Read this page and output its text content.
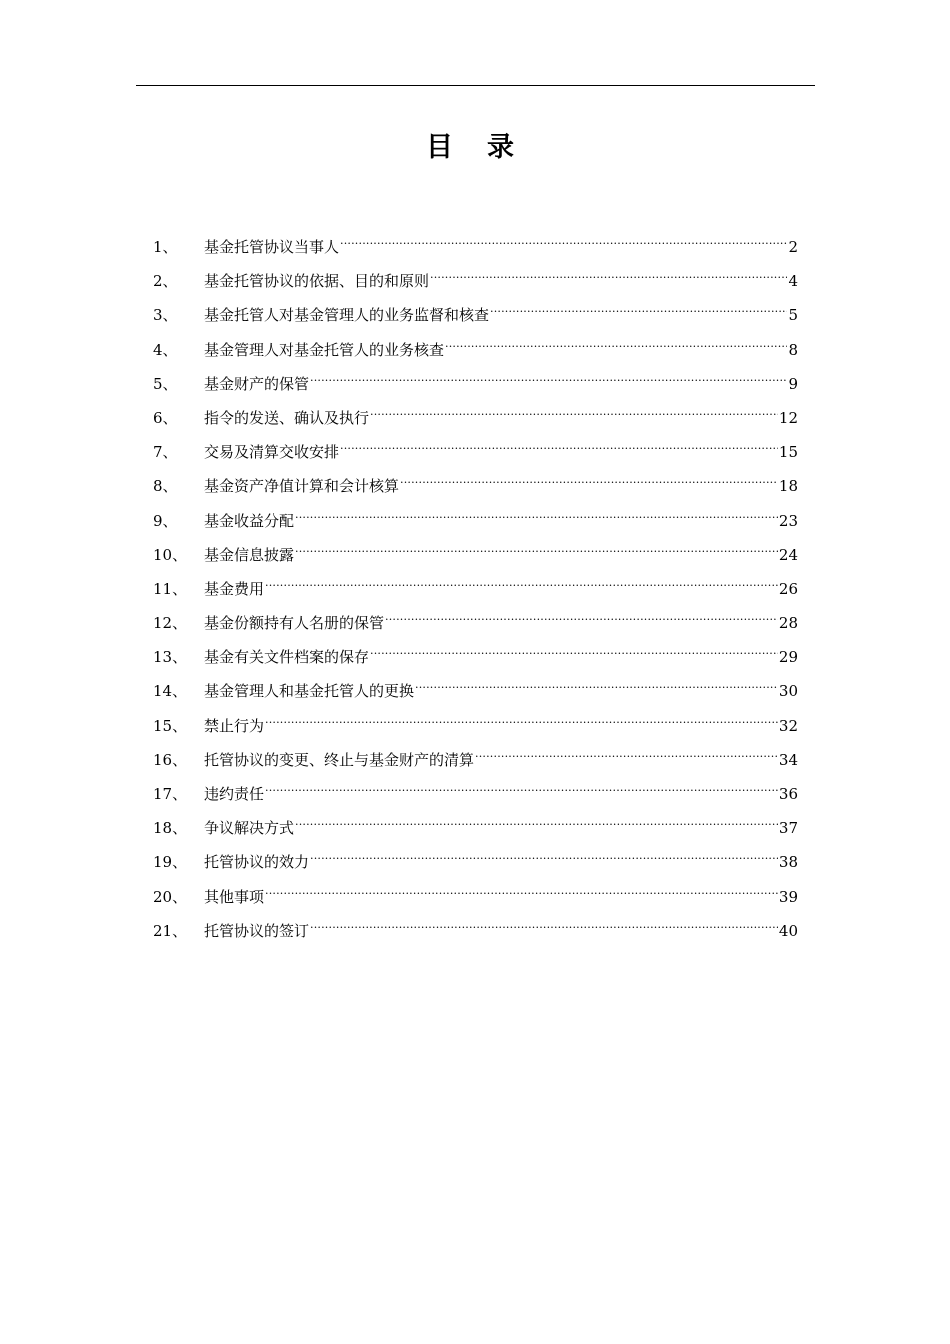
目 录
1、	基金托管协议当事人 .....	2
2、	基金托管协议的依据、目的和原则 .....	4
3、	基金托管人对基金管理人的业务监督和核查 .....	5
4、	基金管理人对基金托管人的业务核查 .....	8
5、	基金财产的保管 .....	9
6、	指令的发送、确认及执行 .....	12
7、	交易及清算交收安排 .....	15
8、	基金资产净值计算和会计核算 .....	18
9、	基金收益分配 .....	23
10、	基金信息披露 .....	24
11、	基金费用 .....	26
12、	基金份额持有人名册的保管 .....	28
13、	基金有关文件档案的保存 .....	29
14、	基金管理人和基金托管人的更换 .....	30
15、	禁止行为 .....	32
16、	托管协议的变更、终止与基金财产的清算 .....	34
17、	违约责任 .....	36
18、	争议解决方式 .....	37
19、	托管协议的效力 .....	38
20、	其他事项 .....	39
21、	托管协议的签订 .....	40
